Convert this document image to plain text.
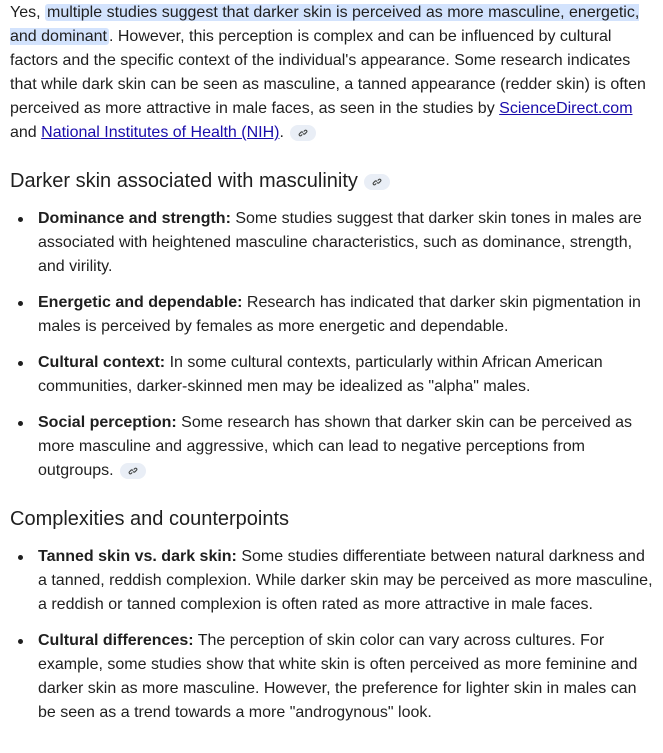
Yes, multiple studies suggest that darker skin is perceived as more masculine, energetic, and dominant . However, this perception is complex and can be influenced by cultural factors and the specific context of the individual's appearance. Some research indicates that while dark skin can be seen as masculine, a tanned appearance (redder skin) is often perceived as more attractive in male faces, as seen in the studies by ScienceDirect.com and National Institutes of Health (NIH).

Darker skin associated with masculinity
Dominance and strength: Some studies suggest that darker skin tones in males are associated with heightened masculine characteristics, such as dominance, strength, and virility.
Energetic and dependable: Research has indicated that darker skin pigmentation in males is perceived by females as more energetic and dependable.
Cultural context: In some cultural contexts, particularly within African American communities, darker-skinned men may be idealized as "alpha" males.
Social perception: Some research has shown that darker skin can be perceived as more masculine and aggressive, which can lead to negative perceptions from outgroups.
Complexities and counterpoints
Tanned skin vs. dark skin: Some studies differentiate between natural darkness and a tanned, reddish complexion. While darker skin may be perceived as more masculine, a reddish or tanned complexion is often rated as more attractive in male faces.
Cultural differences: The perception of skin color can vary across cultures. For example, some studies show that white skin is often perceived as more feminine and darker skin as more masculine. However, the preference for lighter skin in males can be seen as a trend towards a more "androgynous" look.
